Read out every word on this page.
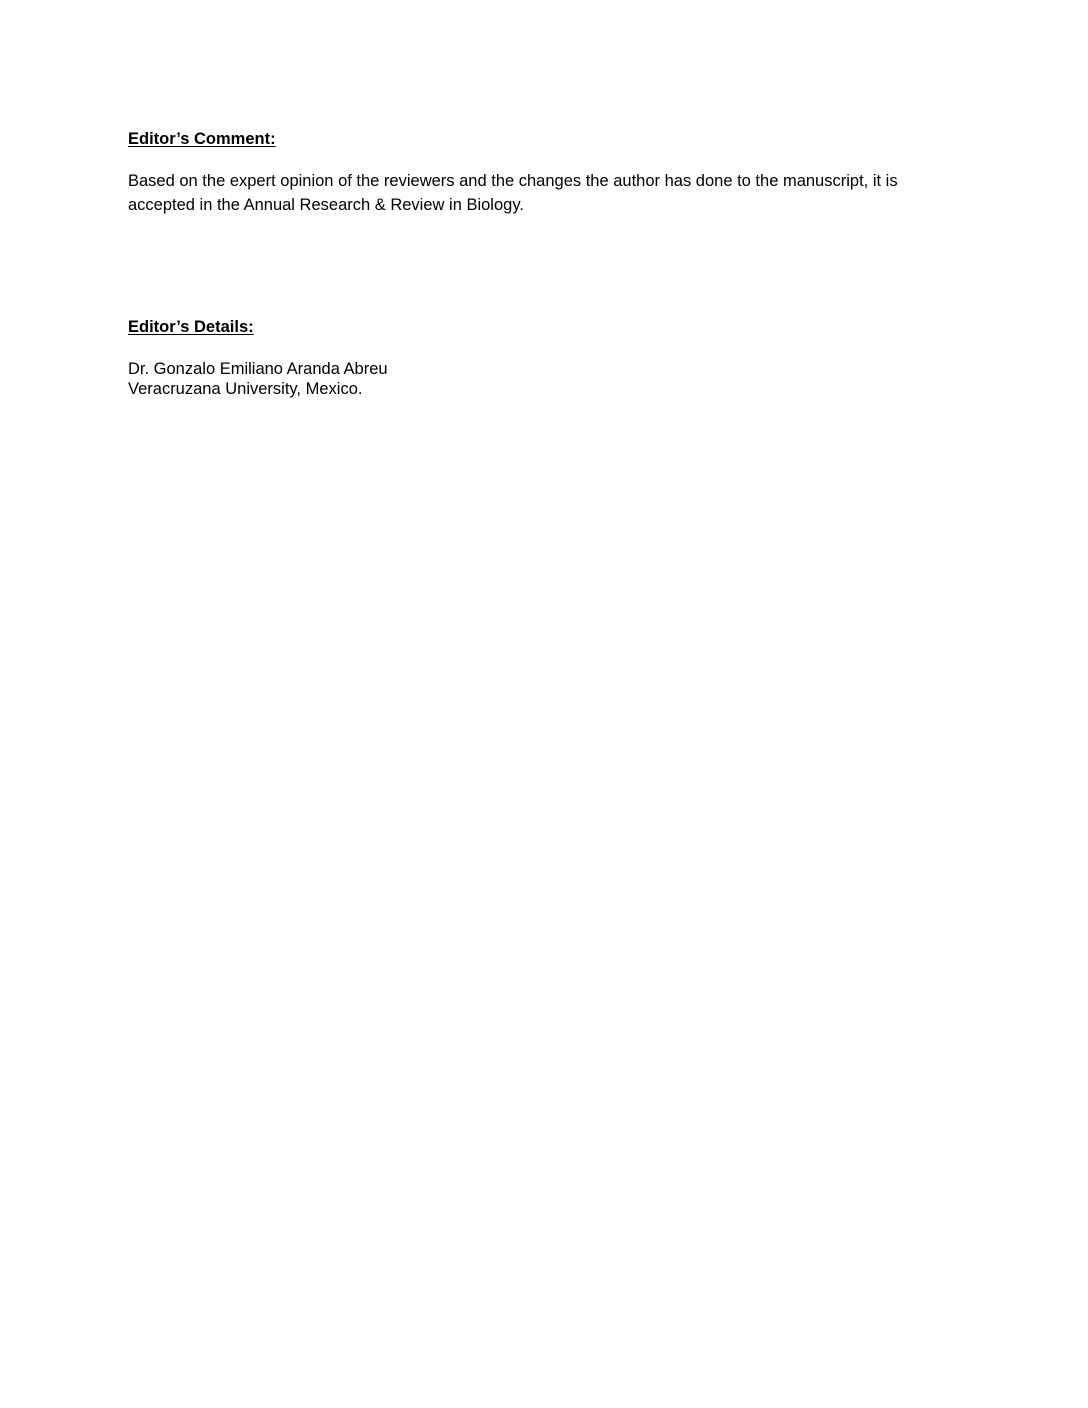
Editor’s Comment:
Based on the expert opinion of the reviewers and the changes the author has done to the manuscript, it is
accepted in the Annual Research & Review in Biology.
Editor’s Details:
Dr. Gonzalo Emiliano Aranda Abreu
Veracruzana University, Mexico.
